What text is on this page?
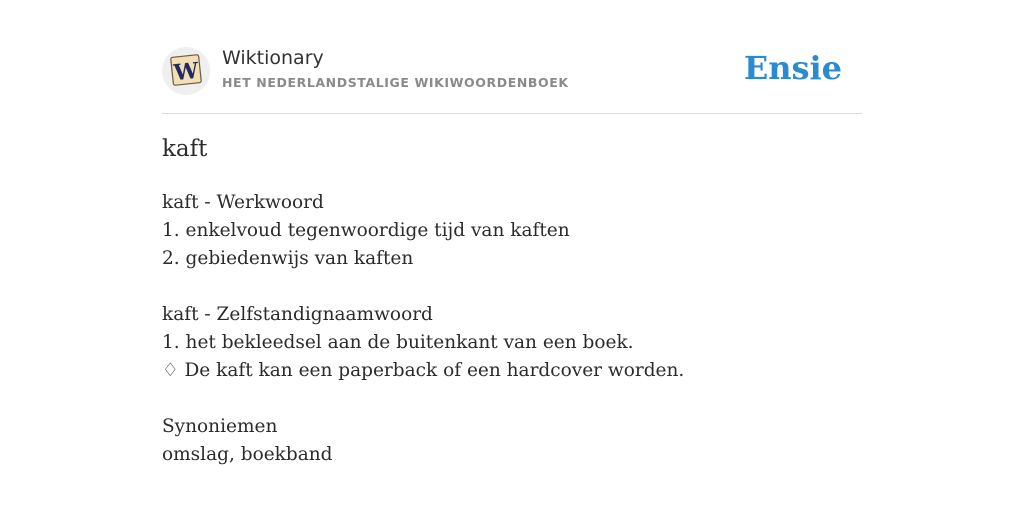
W Wiktionary
HET NEDERLANDSTALIGE WIKIWOORDENBOEK	Ensie
kaft
kaft - Werkwoord
1. enkelvoud tegenwoordige tijd van kaften
2. gebiedenwijs van kaften
kaft - Zelfstandignaamwoord
1. het bekleedsel aan de buitenkant van een boek.
♢ De kaft kan een paperback of een hardcover worden.
Synoniemen
omslag, boekband
